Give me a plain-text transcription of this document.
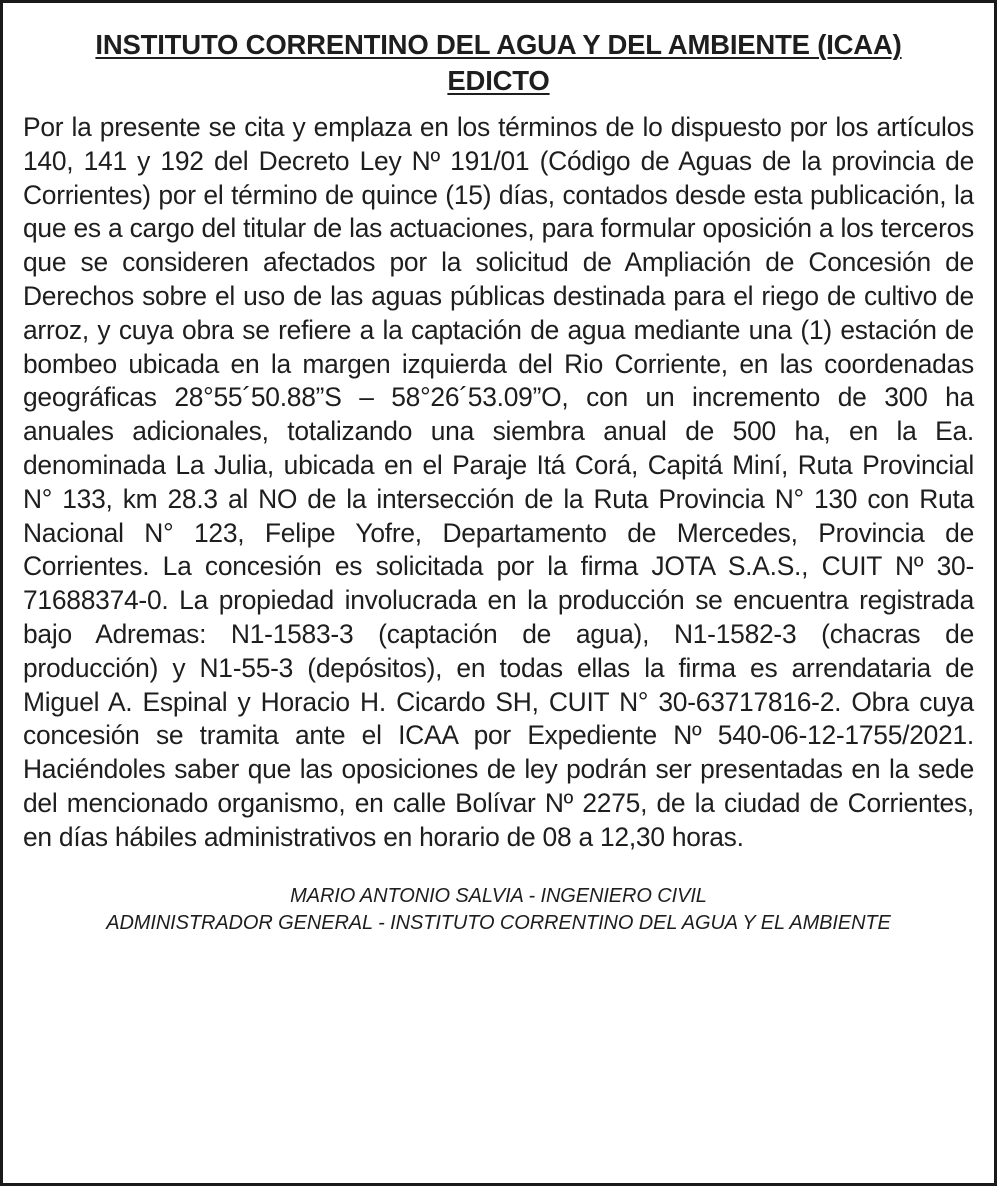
INSTITUTO CORRENTINO DEL AGUA Y DEL AMBIENTE (ICAA)
EDICTO

Por la presente se cita y emplaza en los términos de lo dispuesto por los artículos 140, 141 y 192 del Decreto Ley Nº 191/01 (Código de Aguas de la provincia de Corrientes) por el término de quince (15) días, contados desde esta publicación, la que es a cargo del titular de las actuaciones, para formular oposición a los terceros que se consideren afectados por la solicitud de Ampliación de Concesión de Derechos sobre el uso de las aguas públicas destinada para el riego de cultivo de arroz, y cuya obra se refiere a la captación de agua mediante una (1) estación de bombeo ubicada en la margen izquierda del Rio Corriente, en las coordenadas geográficas 28°55´50.88”S – 58°26´53.09”O, con un incremento de 300 ha anuales adicionales, totalizando una siembra anual de 500 ha, en la Ea. denominada La Julia, ubicada en el Paraje Itá Corá, Capitá Miní, Ruta Provincial N° 133, km 28.3 al NO de la intersección de la Ruta Provincia N° 130 con Ruta Nacional N° 123, Felipe Yofre, Departamento de Mercedes, Provincia de Corrientes. La concesión es solicitada por la firma JOTA S.A.S., CUIT Nº 30-71688374-0. La propiedad involucrada en la producción se encuentra registrada bajo Adremas: N1-1583-3 (captación de agua), N1-1582-3 (chacras de producción) y N1-55-3 (depósitos), en todas ellas la firma es arrendataria de Miguel A. Espinal y Horacio H. Cicardo SH, CUIT N° 30-63717816-2. Obra cuya concesión se tramita ante el ICAA por Expediente Nº 540-06-12-1755/2021. Haciéndoles saber que las oposiciones de ley podrán ser presentadas en la sede del mencionado organismo, en calle Bolívar Nº 2275, de la ciudad de Corrientes, en días hábiles administrativos en horario de 08 a 12,30 horas.

MARIO ANTONIO SALVIA - INGENIERO CIVIL
ADMINISTRADOR GENERAL - INSTITUTO CORRENTINO DEL AGUA Y EL AMBIENTE
